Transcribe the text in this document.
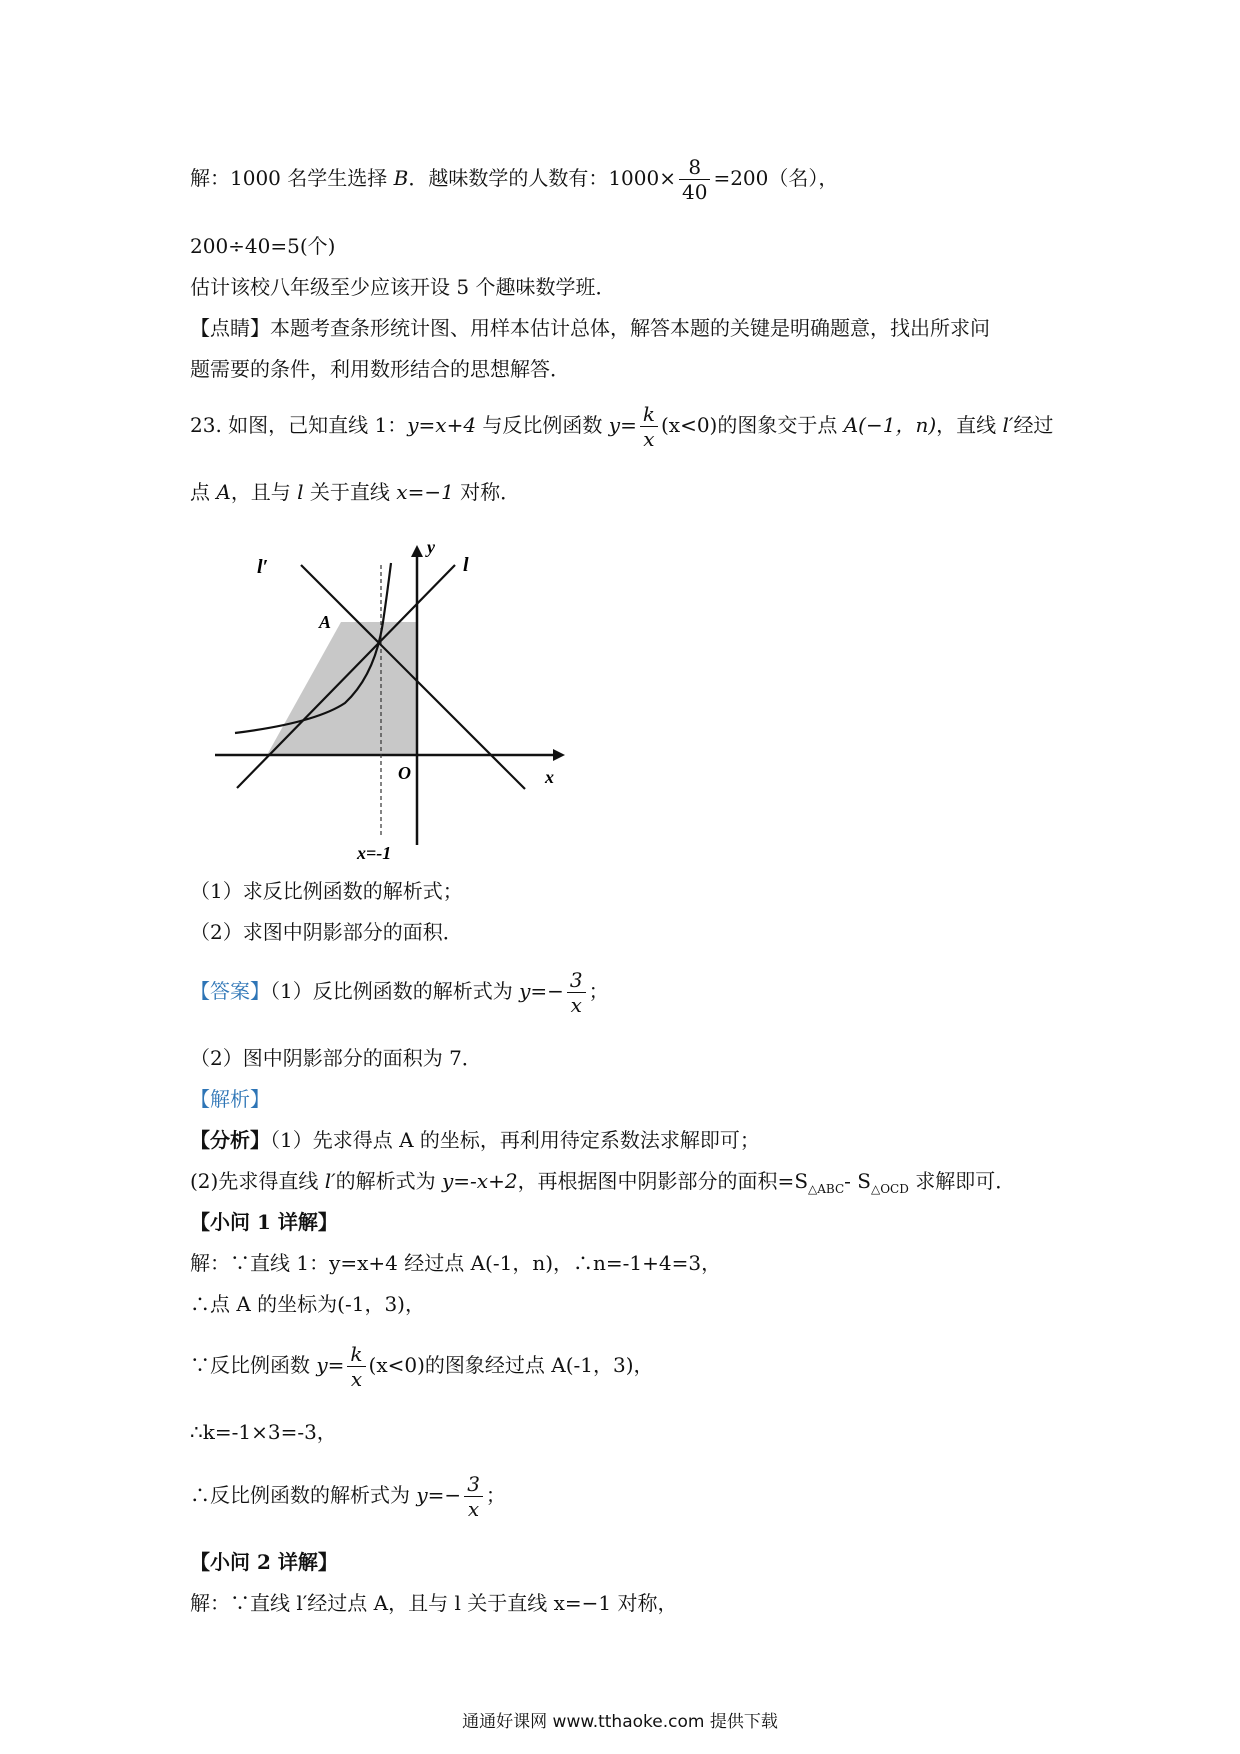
解：1000 名学生选择 B．越味数学的人数有：$1000\times \frac{8}{40} =200$（名），
200÷40=5(个)
估计该校八年级至少应该开设 5 个趣味数学班．
【点睛】本题考查条形统计图、用样本估计总体，解答本题的关键是明确题意，找出所求问
题需要的条件，利用数形结合的思想解答．
23. 如图，己知直线 1：y=x+4 与反比例函数 $y= \frac{k}{x} (x<0)$的图象交于点 A(−1，n)，直线 l′经过
点 A，且与 l 关于直线 x=−1 对称．
l′	l
y
x
A
O
x=-1
（1）求反比例函数的解析式；
（2）求图中阴影部分的面积．
【答案】（1）反比例函数的解析式为 $y=- \frac{3}{x}$ ；
（2）图中阴影部分的面积为 7．
【解析】
【分析】（1）先求得点 A 的坐标，再利用待定系数法求解即可；
(2)先求得直线 l′的解析式为 y=-x+2，再根据图中阴影部分的面积$=S_{\triangle ABC}-$ $S_{\triangle OCD}$ 求解即可．
【小问 1 详解】
解：∵直线 1：y=x+4 经过点 A(-1，n)，∴n=-1+4=3，
∴点 A 的坐标为(-1，3)，
∵反比例函数 $y= \frac{k}{x} (x<0)$的图象经过点 A(-1，3)，
∴k=-1×3=-3，
∴反比例函数的解析式为 $y=- \frac{3}{x}$ ；
【小问 2 详解】
解：∵直线 l′经过点 A，且与 l 关于直线 x=−1 对称，
通通好课网 www.tthaoke.com 提供下载
